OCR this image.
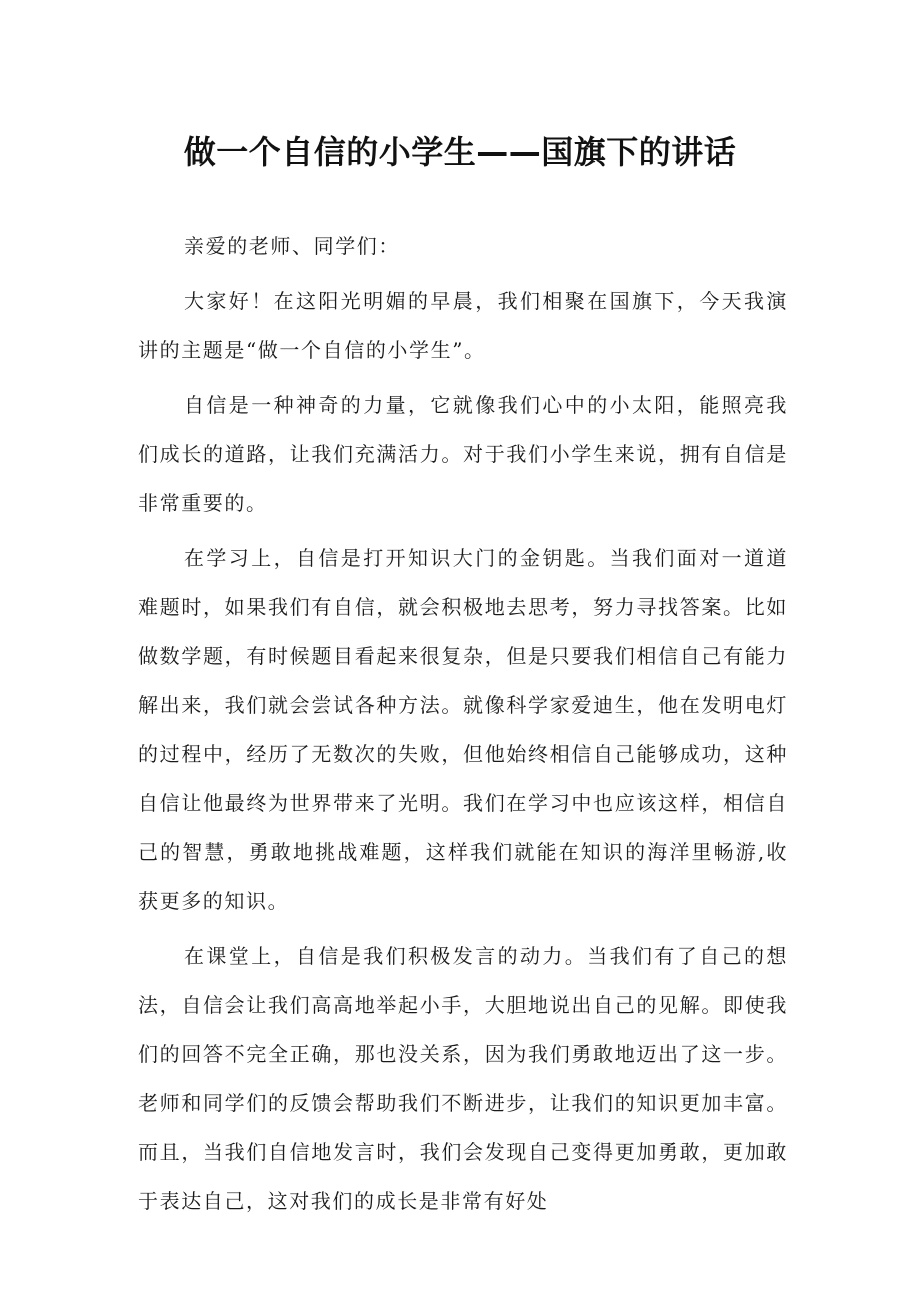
做一个自信的小学生——国旗下的讲话

亲爱的老师、同学们：

大家好！在这阳光明媚的早晨，我们相聚在国旗下，今天我演讲的主题是“做一个自信的小学生”。

自信是一种神奇的力量，它就像我们心中的小太阳，能照亮我们成长的道路，让我们充满活力。对于我们小学生来说，拥有自信是非常重要的。

在学习上，自信是打开知识大门的金钥匙。当我们面对一道道难题时，如果我们有自信，就会积极地去思考，努力寻找答案。比如做数学题，有时候题目看起来很复杂，但是只要我们相信自己有能力解出来，我们就会尝试各种方法。就像科学家爱迪生，他在发明电灯的过程中，经历了无数次的失败，但他始终相信自己能够成功，这种自信让他最终为世界带来了光明。我们在学习中也应该这样，相信自己的智慧，勇敢地挑战难题，这样我们就能在知识的海洋里畅游,收获更多的知识。

在课堂上，自信是我们积极发言的动力。当我们有了自己的想法，自信会让我们高高地举起小手，大胆地说出自己的见解。即使我们的回答不完全正确，那也没关系，因为我们勇敢地迈出了这一步。老师和同学们的反馈会帮助我们不断进步，让我们的知识更加丰富。而且，当我们自信地发言时，我们会发现自己变得更加勇敢，更加敢于表达自己，这对我们的成长是非常有好处
